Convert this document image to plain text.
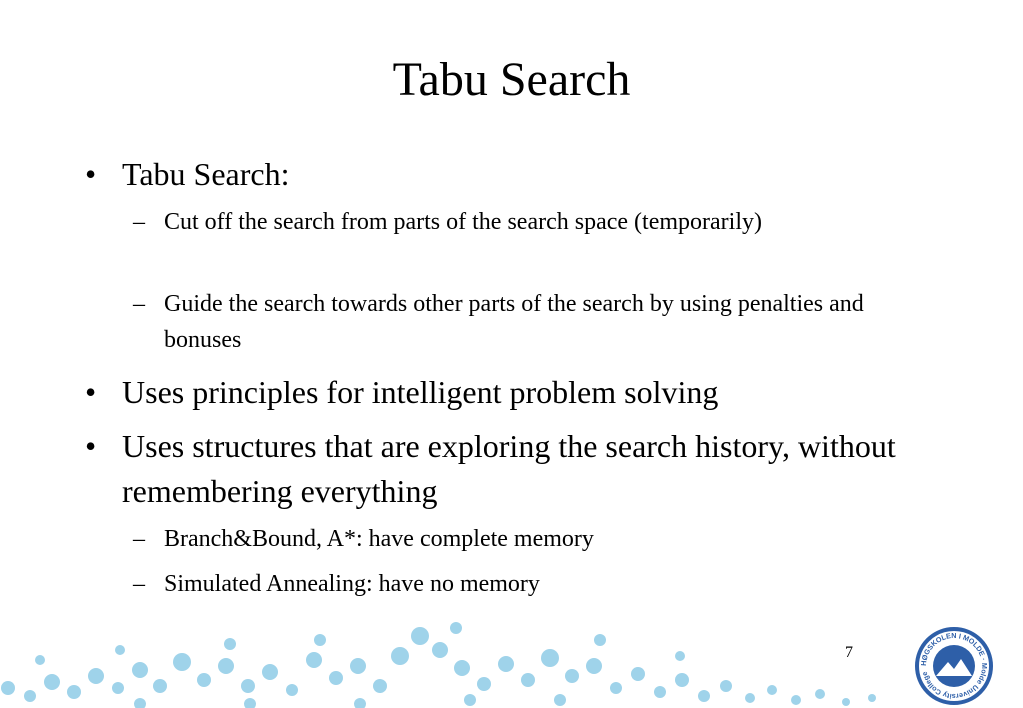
Tabu Search
• Tabu Search:
– Cut off the search from parts of the search space (temporarily)
– Guide the search towards other parts of the search by using penalties and bonuses
• Uses principles for intelligent problem solving
• Uses structures that are exploring the search history, without remembering everything
– Branch&Bound, A*: have complete memory
– Simulated Annealing: have no memory
7
HØGSKOLEN I MOLDE · Molde University College
